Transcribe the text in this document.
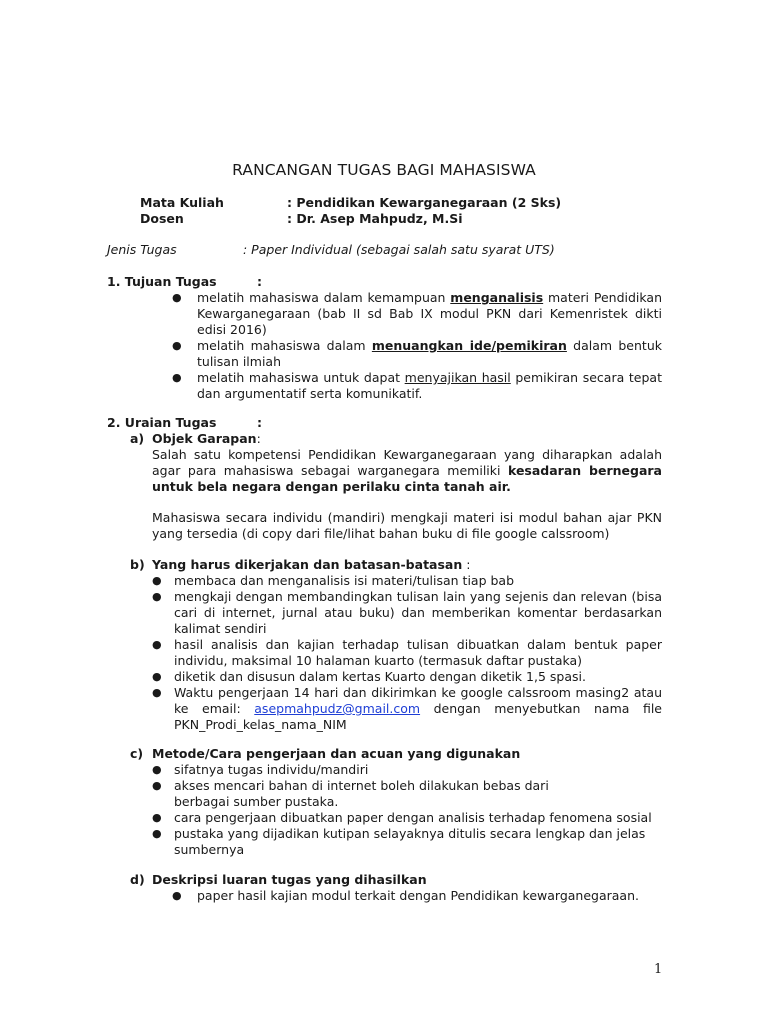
RANCANGAN TUGAS BAGI MAHASISWA
Mata Kuliah	: Pendidikan Kewarganegaraan (2 Sks)
Dosen	: Dr. Asep Mahpudz, M.Si
Jenis Tugas	: Paper Individual (sebagai salah satu syarat UTS)
1. Tujuan Tugas	:
● melatih mahasiswa dalam kemampuan menganalisis materi Pendidikan Kewarganegaraan (bab II sd Bab IX modul PKN dari Kemenristek dikti edisi 2016)
● melatih mahasiswa dalam menuangkan ide/pemikiran dalam bentuk tulisan ilmiah
● melatih mahasiswa untuk dapat menyajikan hasil pemikiran secara tepat dan argumentatif serta komunikatif.
2. Uraian Tugas	:
a) Objek Garapan:
Salah satu kompetensi Pendidikan Kewarganegaraan yang diharapkan adalah agar para mahasiswa sebagai warganegara memiliki kesadaran bernegara untuk bela negara dengan perilaku cinta tanah air.
Mahasiswa secara individu (mandiri) mengkaji materi isi modul bahan ajar PKN yang tersedia (di copy dari file/lihat bahan buku di file google calssroom)
b) Yang harus dikerjakan dan batasan-batasan :
● membaca dan menganalisis isi materi/tulisan tiap bab
● mengkaji dengan membandingkan tulisan lain yang sejenis dan relevan (bisa cari di internet, jurnal atau buku) dan memberikan komentar berdasarkan kalimat sendiri
● hasil analisis dan kajian terhadap tulisan dibuatkan dalam bentuk paper individu, maksimal 10 halaman kuarto (termasuk daftar pustaka)
● diketik dan disusun dalam kertas Kuarto dengan diketik 1,5 spasi.
● Waktu pengerjaan 14 hari dan dikirimkan ke google calssroom masing2 atau ke email: asepmahpudz@gmail.com dengan menyebutkan nama file PKN_Prodi_kelas_nama_NIM
c) Metode/Cara pengerjaan dan acuan yang digunakan
● sifatnya tugas individu/mandiri
● akses mencari bahan di internet boleh dilakukan bebas dari berbagai sumber pustaka.
● cara pengerjaan dibuatkan paper dengan analisis terhadap fenomena sosial
● pustaka yang dijadikan kutipan selayaknya ditulis secara lengkap dan jelas sumbernya
d) Deskripsi luaran tugas yang dihasilkan
● paper hasil kajian modul terkait dengan Pendidikan kewarganegaraan.
1
